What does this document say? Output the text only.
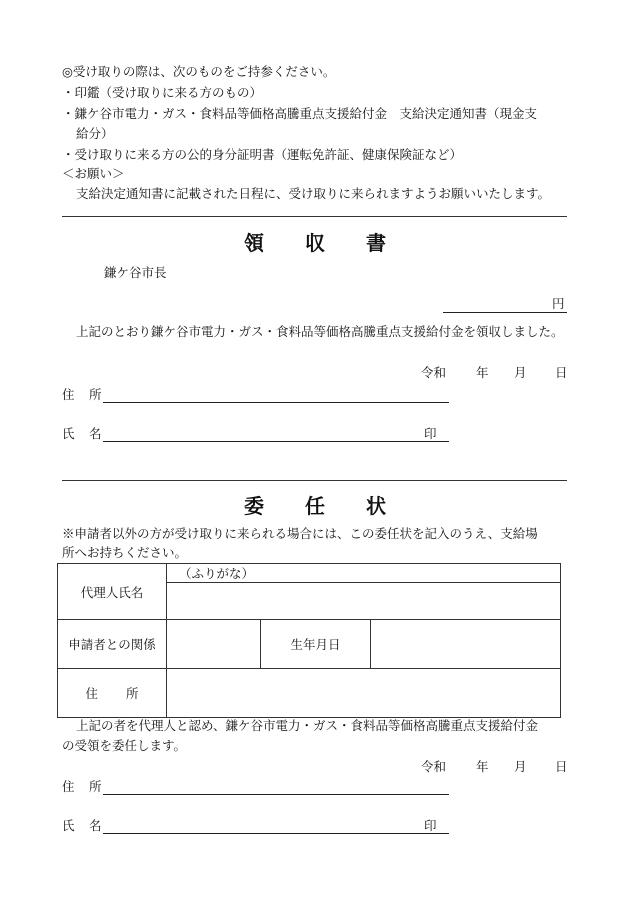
◎受け取りの際は、次のものをご持参ください。
・印鑑（受け取りに来る方のもの）
・鎌ケ谷市電力・ガス・食料品等価格高騰重点支援給付金　支給決定通知書（現金支
給分）
・受け取りに来る方の公的身分証明書（運転免許証、健康保険証など）
＜お願い＞
支給決定通知書に記載された日程に、受け取りに来られますようお願いいたします。
領 収 書
鎌ケ谷市長
円
上記のとおり鎌ケ谷市電力・ガス・食料品等価格高騰重点支援給付金を領収しました。
令和 年 月 日
住 所
氏 名	印
委 任 状
※申請者以外の方が受け取りに来られる場合には、この委任状を記入のうえ、支給場
所へお持ちください。
代理人氏名	（ふりがな）		

申請者との関係		生年月日	
住 所			
上記の者を代理人と認め、鎌ケ谷市電力・ガス・食料品等価格高騰重点支援給付金
の受領を委任します。
令和 年 月 日
住 所
氏 名	印
